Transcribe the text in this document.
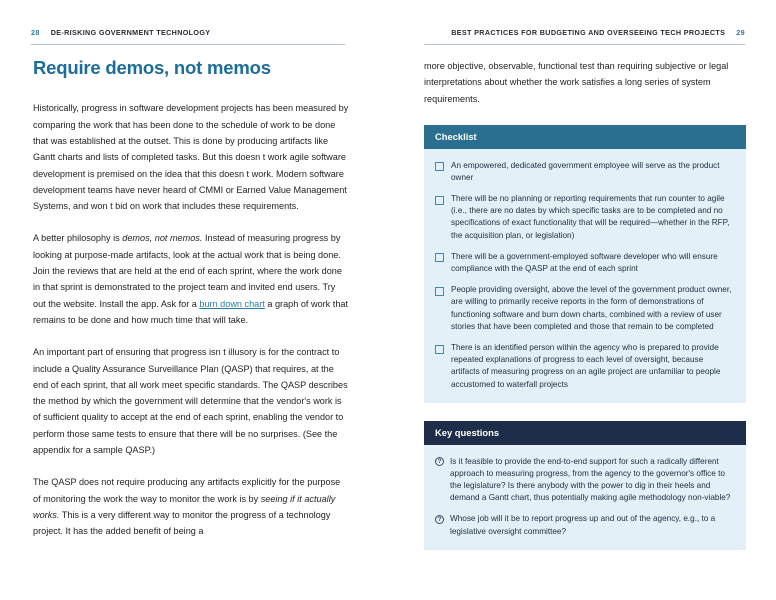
28 DE-RISKING GOVERNMENT TECHNOLOGY	BEST PRACTICES FOR BUDGETING AND OVERSEEING TECH PROJECTS 29
Require demos, not memos

Historically, progress in software development projects has been measured by comparing the work that has been done to the schedule of work to be done that was established at the outset. This is done by producing artifacts like Gantt charts and lists of completed tasks. But this doesn t work agile software development is premised on the idea that this doesn t work. Modern software development teams have never heard of CMMI or Earned Value Management Systems, and won t bid on work that includes these requirements.

A better philosophy is demos, not memos. Instead of measuring progress by looking at purpose-made artifacts, look at the actual work that is being done. Join the reviews that are held at the end of each sprint, where the work done in that sprint is demonstrated to the project team and invited end users. Try out the website. Install the app. Ask for a burn down chart a graph of work that remains to be done and how much time that will take.

An important part of ensuring that progress isn t illusory is for the contract to include a Quality Assurance Surveillance Plan (QASP) that requires, at the end of each sprint, that all work meet specific standards. The QASP describes the method by which the government will determine that the vendor's work is of sufficient quality to accept at the end of each sprint, enabling the vendor to perform those same tests to ensure that there will be no surprises. (See the appendix for a sample QASP.)

The QASP does not require producing any artifacts explicitly for the purpose of monitoring the work the way to monitor the work is by seeing if it actually works. This is a very different way to monitor the progress of a technology project. It has the added benefit of being a

more objective, observable, functional test than requiring subjective or legal interpretations about whether the work satisfies a long series of system requirements.

Checklist
An empowered, dedicated government employee will serve as the product owner
There will be no planning or reporting requirements that run counter to agile (i.e., there are no dates by which specific tasks are to be completed and no specifications of exact functionality that will be required—whether in the RFP, the acquisition plan, or legislation)
There will be a government-employed software developer who will ensure compliance with the QASP at the end of each sprint
People providing oversight, above the level of the government product owner, are willing to primarily receive reports in the form of demonstrations of functioning software and burn down charts, combined with a review of user stories that have been completed and those that remain to be completed
There is an identified person within the agency who is prepared to provide repeated explanations of progress to each level of oversight, because artifacts of measuring progress on an agile project are unfamiliar to people accustomed to waterfall projects
Key questions
?	Is it feasible to provide the end-to-end support for such a radically different approach to measuring progress, from the agency to the governor's office to the legislature? Is there anybody with the power to dig in their heels and demand a Gantt chart, thus potentially making agile methodology non-viable?
?	Whose job will it be to report progress up and out of the agency, e.g., to a legislative oversight committee?
